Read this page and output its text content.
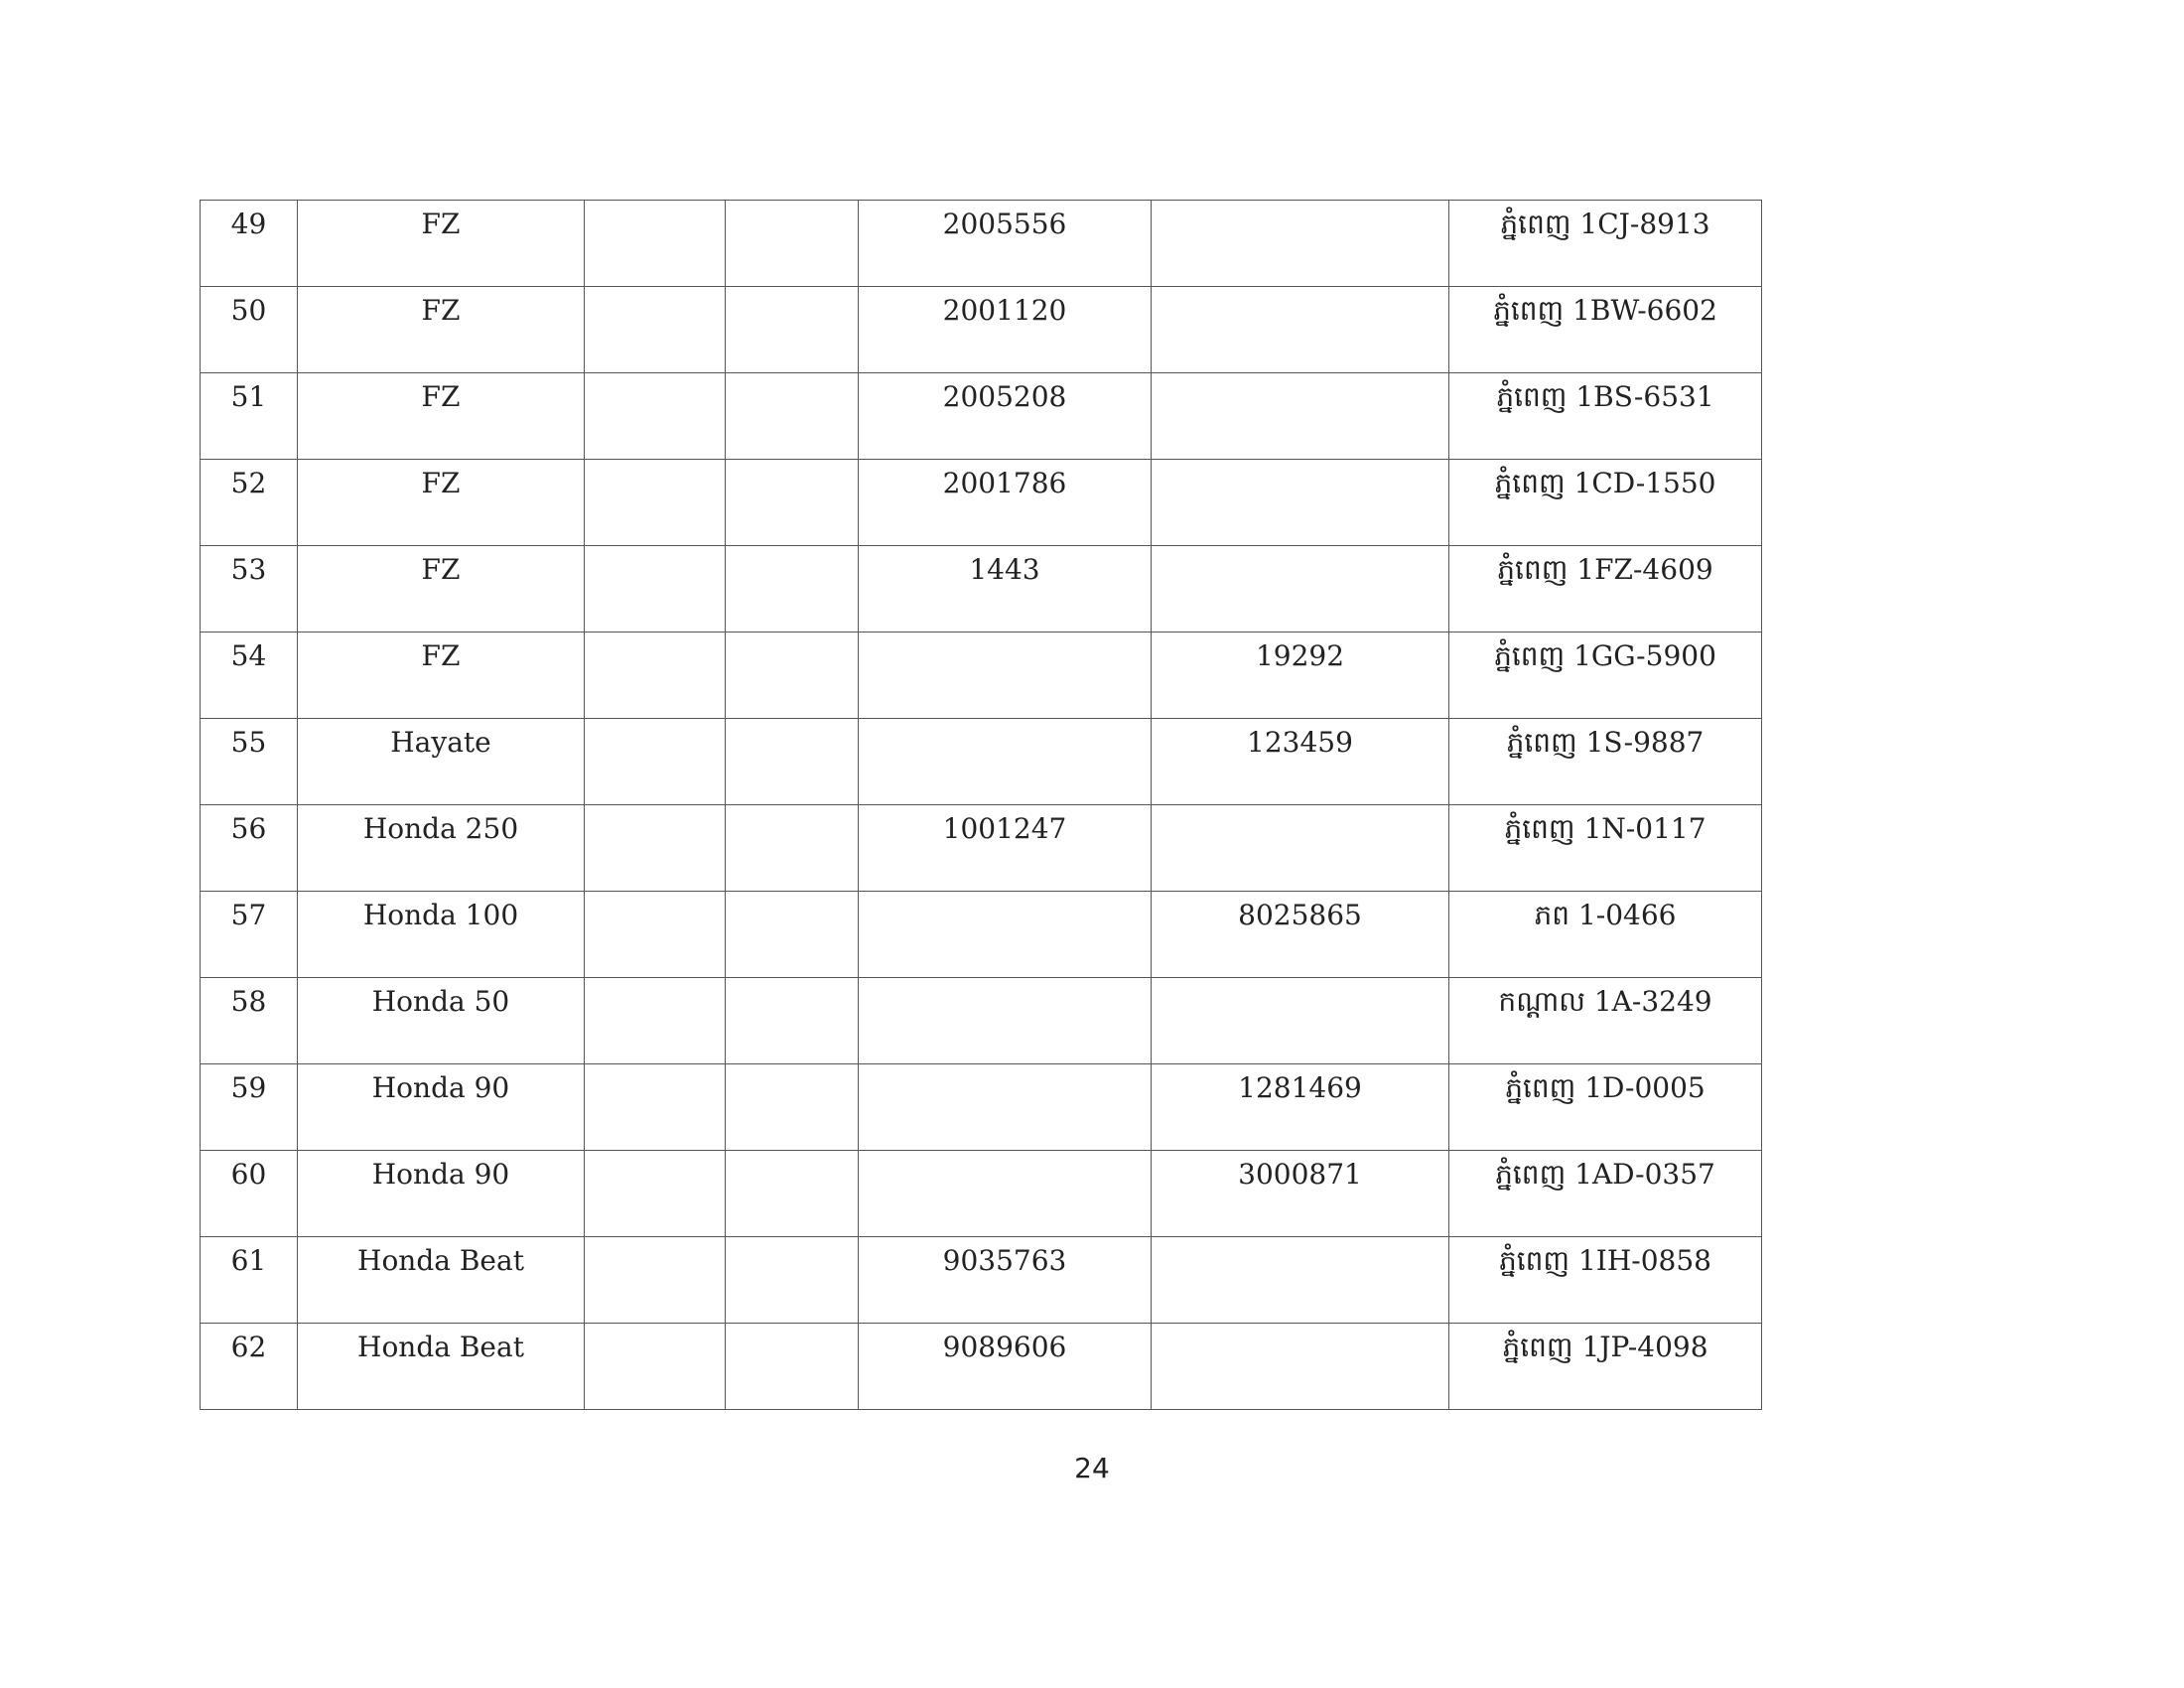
49	FZ			2005556		ភ្នំពេញ 1CJ-8913

50	FZ			2001120		ភ្នំពេញ 1BW-6602

51	FZ			2005208		ភ្នំពេញ 1BS-6531

52	FZ			2001786		ភ្នំពេញ 1CD-1550

53	FZ			1443		ភ្នំពេញ 1FZ-4609

54	FZ				19292	ភ្នំពេញ 1GG-5900

55	Hayate				123459	ភ្នំពេញ 1S-9887

56	Honda 250			1001247		ភ្នំពេញ 1N-0117

57	Honda 100				8025865	ភព 1-0466

58	Honda 50					កណ្តាល 1A-3249

59	Honda 90				1281469	ភ្នំពេញ 1D-0005

60	Honda 90				3000871	ភ្នំពេញ 1AD-0357

61	Honda Beat			9035763		ភ្នំពេញ 1IH-0858

62	Honda Beat			9089606		ភ្នំពេញ 1JP-4098
24
